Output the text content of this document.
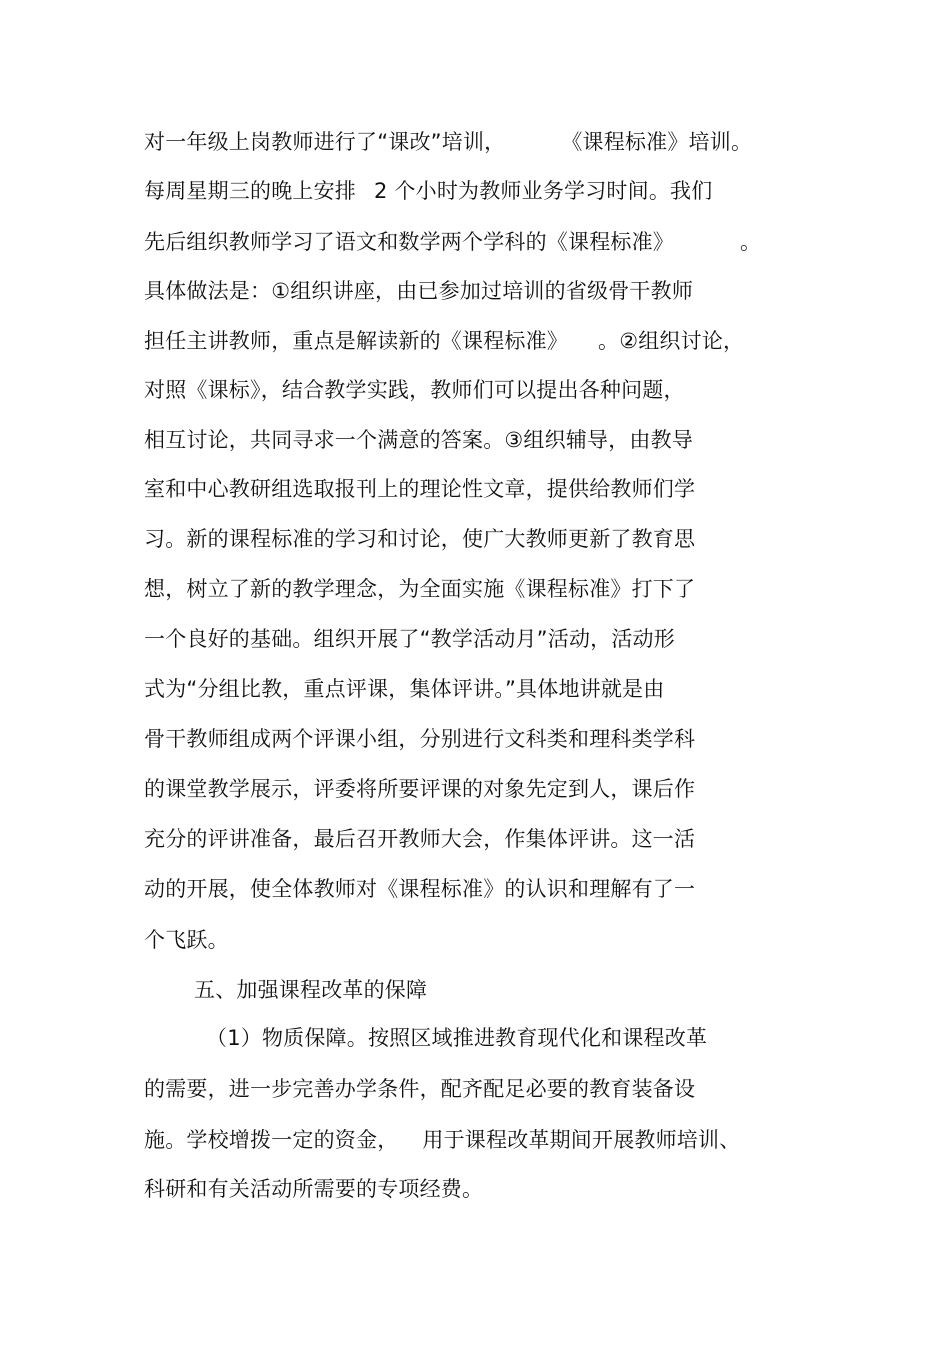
对一年级上岗教师进行了“课改”培训，	《课程标准》培训。
每周星期三的晚上安排 2 个小时为教师业务学习时间。我们
先后组织教师学习了语文和数学两个学科的《课程标准》	。
具体做法是：①组织讲座，由已参加过培训的省级骨干教师
担任主讲教师，重点是解读新的《课程标准》 。②组织讨论，
对照《课标》，结合教学实践，教师们可以提出各种问题，
相互讨论，共同寻求一个满意的答案。③组织辅导，由教导
室和中心教研组选取报刊上的理论性文章，提供给教师们学
习。新的课程标准的学习和讨论，使广大教师更新了教育思
想，树立了新的教学理念，为全面实施《课程标准》打下了
一个良好的基础。组织开展了“教学活动月”活动，活动形
式为“分组比教，重点评课，集体评讲。”具体地讲就是由
骨干教师组成两个评课小组，分别进行文科类和理科类学科
的课堂教学展示，评委将所要评课的对象先定到人，课后作
充分的评讲准备，最后召开教师大会，作集体评讲。这一活
动的开展，使全体教师对《课程标准》的认识和理解有了一
个飞跃。
五、加强课程改革的保障
（1）物质保障。按照区域推进教育现代化和课程改革
的需要，进一步完善办学条件，配齐配足必要的教育装备设
施。学校增拨一定的资金， 用于课程改革期间开展教师培训、
科研和有关活动所需要的专项经费。
